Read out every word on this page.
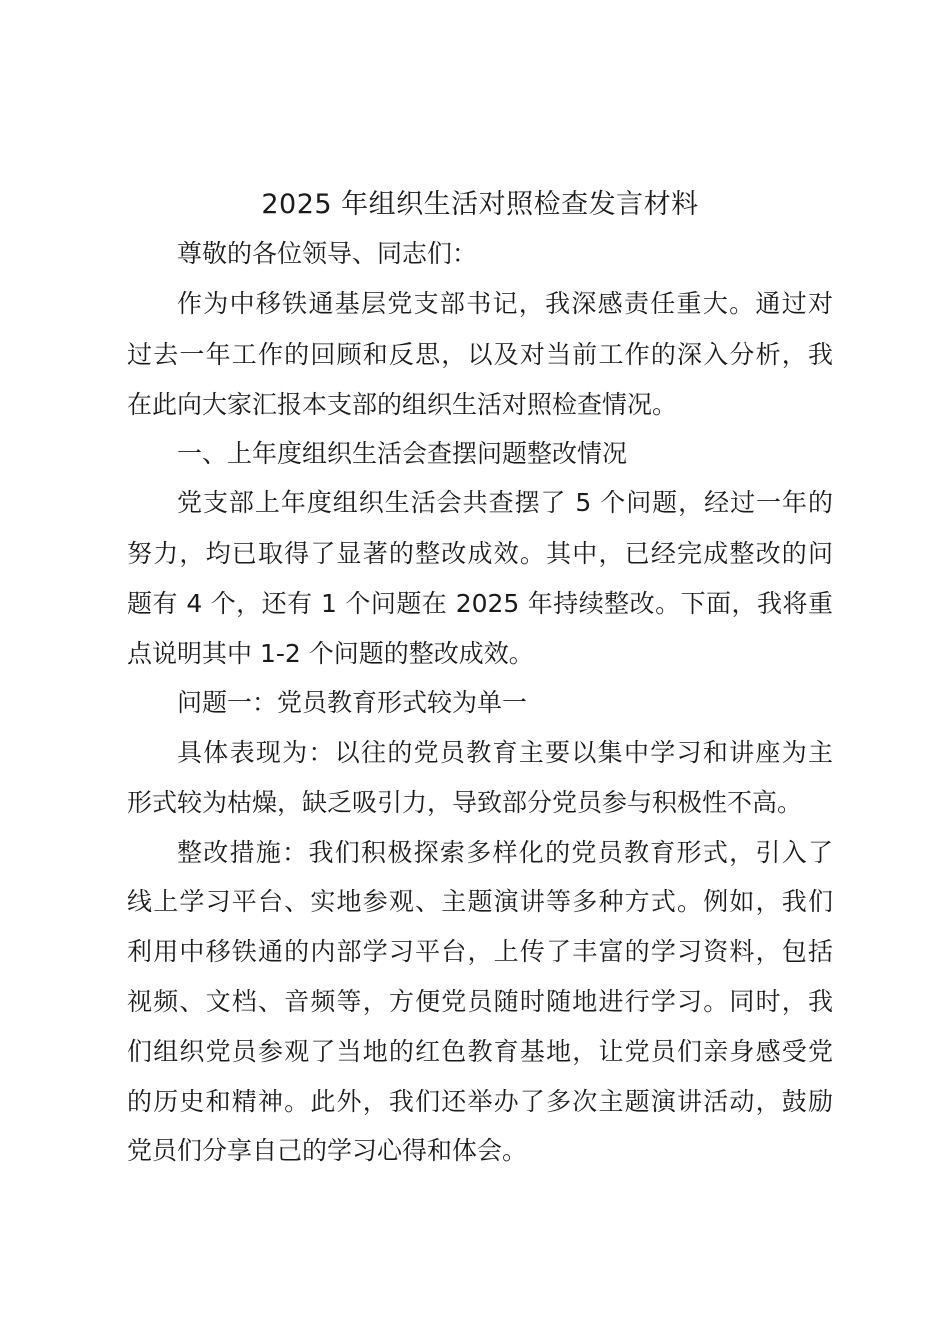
2025 年组织生活对照检查发言材料
尊敬的各位领导、同志们：
作为中移铁通基层党支部书记，我深感责任重大。通过对
过去一年工作的回顾和反思，以及对当前工作的深入分析，我
在此向大家汇报本支部的组织生活对照检查情况。
一、上年度组织生活会查摆问题整改情况
党支部上年度组织生活会共查摆了 5 个问题，经过一年的
努力，均已取得了显著的整改成效。其中，已经完成整改的问
题有 4 个，还有 1 个问题在 2025 年持续整改。下面，我将重
点说明其中 1-2 个问题的整改成效。
问题一：党员教育形式较为单一
具体表现为：以往的党员教育主要以集中学习和讲座为主
形式较为枯燥，缺乏吸引力，导致部分党员参与积极性不高。
整改措施：我们积极探索多样化的党员教育形式，引入了
线上学习平台、实地参观、主题演讲等多种方式。例如，我们
利用中移铁通的内部学习平台，上传了丰富的学习资料，包括
视频、文档、音频等，方便党员随时随地进行学习。同时，我
们组织党员参观了当地的红色教育基地，让党员们亲身感受党
的历史和精神。此外，我们还举办了多次主题演讲活动，鼓励
党员们分享自己的学习心得和体会。
